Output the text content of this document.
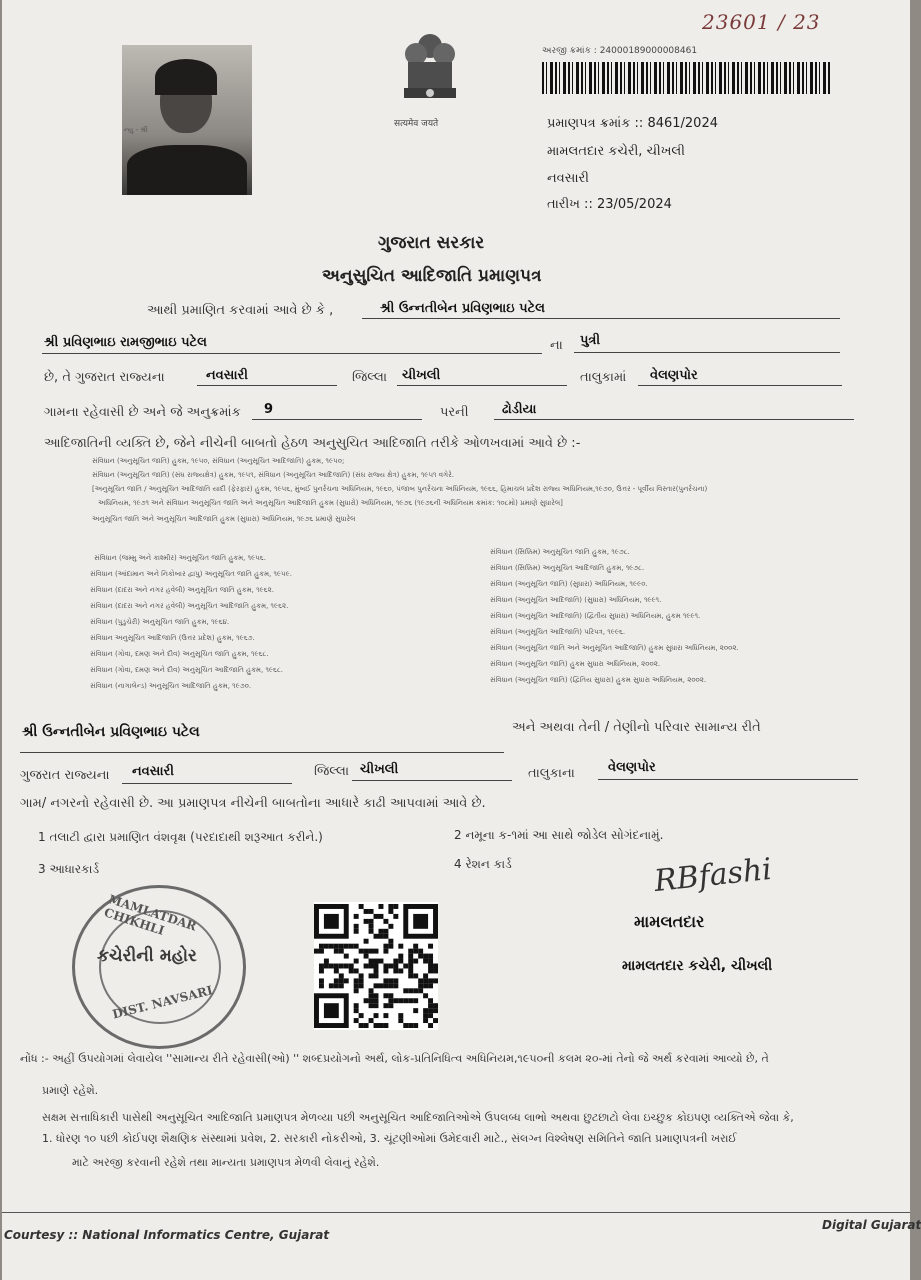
23601 / 23
ન્યુ - શ્રી
सत्यमेव जयते
અરજી ક્રમાંક : 24000189000008461
પ્રમાણપત્ર ક્રમાંક :: 8461/2024
મામલતદાર કચેરી, ચીખલી
નવસારી
તારીખ :: 23/05/2024
ગુજરાત સરકાર
અનુસુચિત આદિજાતિ પ્રમાણપત્ર
આથી પ્રમાણિત કરવામાં આવે છે કે ,	શ્રી ઉન્નતીબેન પ્રવિણભાઇ પટેલ
શ્રી પ્રવિણભાઇ રામજીભાઇ પટેલ	ના પુત્રી
છે, તે ગુજરાત રાજ્યના	નવસારી	જિલ્લા ચીખલી	તાલુકામાં વેલણપોર
ગામના રહેવાસી છે અને જે અનુક્રમાંક 9	પરની	ઢોડીયા
આદિજાતિની વ્યક્તિ છે, જેને નીચેની બાબતો હેઠળ અનુસુચિત આદિજાતિ તરીકે ઓળખવામાં આવે છે :-
સંવિધાન (અનુસૂચિત જાતિ) હુકમ, ૧૯૫૦, સંવિધાન (અનુસૂચિત આદિજાતિ) હુકમ, ૧૯૫૦;
સંવિધાન (અનુસૂચિત જાતિ) (સંઘ રાજ્યક્ષેત્ર) હુકમ, ૧૯૫૧, સંવિધાન (અનુસૂચિત આદિજાતિ) (સંઘ રાજ્ય ક્ષેત્ર) હુકમ, ૧૯૫૧ વગેરે.
[અનુસૂચિત જાતિ / અનુસૂચિત આદિજાતિ યાદી (ફેરફાર) હુકમ, ૧૯૫૬, મુંબઈ પુનર્રચના અધિનિયમ, ૧૯૬૦, પંજાબ પુનર્રચના અધિનિયમ, ૧૯૬૬, હિમાચલ પ્રદેશ રાજ્ય અધિનિયમ,૧૯૭૦, ઉત્તર - પૂર્વીય વિસ્તાર(પુનર્રચના)
અધિનિયમ, ૧૯૭૧ અને સંવિધાન અનુસૂચિત જાતિ અને અનુસૂચિત આદિજાતિ હુકમ (સુધારો) અધિનિયમ, ૧૯૭૬ (૧૯૭૬ની અધિનિયમ ક્રમાંક: ૧૦૮મો) પ્રમાણે સુધારેલ]
અનુસૂચિત જાતિ અને અનુસૂચિત આદિજાતિ હુકમ (સુધારા) અધિનિયમ, ૧૯૭૬ પ્રમાણે સુધારેલ
સંવિધાન (જમ્મુ અને કાશ્મીર) અનુસૂચિત જાતિ હુકમ, ૧૯૫૬.
સંવિધાન (આંદામાન અને નિકોબાર દ્વાપુ) અનુસૂચિત જાતિ હુકમ, ૧૯૫૯.
સંવિધાન (દાદરા અને નગર હવેલી) અનુસૂચિત જાતિ હુકમ, ૧૯૬૨.
સંવિધાન (દાદરા અને નગર હવેલી) અનુસૂચિત આદિજાતિ હુકમ, ૧૯૬૨.
સંવિધાન (પુડુચેરી) અનુસૂચિત જાતિ હુકમ, ૧૯૬૪.
સંવિધાન અનુસૂચિત આદિજાતિ (ઉત્તર પ્રદેશ) હુકમ, ૧૯૬૭.
સંવિધાન (ગોવા, દમણ અને દીવ) અનુસૂચિત જાતિ હુકમ, ૧૯૬૮.
સંવિધાન (ગોવા, દમણ અને દીવ) અનુસૂચિત આદિજાતિ હુકમ, ૧૯૬૮.
સંવિધાન (નાગાલેન્ડ) અનુસૂચિત આદિજાતિ હુકમ, ૧૯૭૦.
સંવિધાન (સિક્કિમ) અનુસૂચિત જાતિ હુકમ, ૧૯૭૮.
સંવિધાન (સિક્કિમ) અનુસૂચિત આદિજાતિ હુકમ, ૧૯૭૮.
સંવિધાન (અનુસૂચિત જાતિ) (સુધારા) અધિનિયમ, ૧૯૯૦.
સંવિધાન (અનુસૂચિત આદિજાતિ) (સુધારા) અધિનિયમ, ૧૯૯૧.
સંવિધાન (અનુસૂચિત આદિજાતિ) (દ્વિતીય સુધારા) અધિનિયમ, હુકમ ૧૯૯૧.
સંવિધાન (અનુસૂચિત આદિજાતિ) પરિપત્ર, ૧૯૯૬.
સંવિધાન (અનુસૂચિત જાતિ અને અનુસૂચિત આદિજાતિ) હુકમ સુધારા અધિનિયમ, ૨૦૦૨.
સંવિધાન (અનુસૂચિત જાતિ) હુકમ સુધારા અધિનિયમ, ૨૦૦૨.
સંવિધાન (અનુસૂચિત જાતિ) (દ્વિતિય સુધારા) હુકમ સુધારા અધિનિયમ, ૨૦૦૨.
શ્રી ઉન્નતીબેન પ્રવિણભાઇ પટેલ	અને અથવા તેની / તેણીનો પરિવાર સામાન્ય રીતે
ગુજરાત રાજ્યના નવસારી	જિલ્લા ચીખલી	તાલુકાના	વેલણપોર
ગામ/ નગરનો રહેવાસી છે. આ પ્રમાણપત્ર નીચેની બાબતોના આધારે કાઢી આપવામાં આવે છે.
1 તલાટી દ્વારા પ્રમાણિત વંશવૃક્ષ (પરદાદાથી શરૂઆત કરીને.)	2 નમૂના ક-૧માં આ સાથે જોડેલ સોગંદનામું.
3 આધારકાર્ડ	4 રેશન કાર્ડ
MAMLATDAR CHIKHLI
કચેરીની મહોર
DIST. NAVSARI
RBfashi
મામલતદાર
મામલતદાર કચેરી, ચીખલી
નોંધ :- અહીં ઉપયોગમાં લેવાયેલ ''સામાન્ય રીતે રહેવાસી(ઓ) '' શબ્દપ્રયોગનો અર્થ, લોક-પ્રતિનિધિત્વ અધિનિયમ,૧૯૫૦ની કલમ ૨૦-માં તેનો જે અર્થ કરવામાં આવ્યો છે, તે
પ્રમાણે રહેશે.
સક્ષમ સત્તાધિકારી પાસેથી અનુસૂચિત આદિજાતિ પ્રમાણપત્ર મેળવ્યા પછી અનુસૂચિત આદિજાતિઓએ ઉપલબ્ધ લાભો અથવા છુટછાટો લેવા ઇચ્છુક કોઇપણ વ્યક્તિએ જેવા કે,
1. ધોરણ ૧૦ પછી કોઈપણ શૈક્ષણિક સંસ્થામાં પ્રવેશ, 2. સરકારી નોકરીઓ, 3. ચૂંટણીઓમાં ઉમેદવારી માટે., સંલગ્ન વિશ્લેષણ સમિતિને જાતિ પ્રમાણપત્રની ખરાઈ
માટે અરજી કરવાની રહેશે તથા માન્યતા પ્રમાણપત્ર મેળવી લેવાનું રહેશે.
Courtesy :: National Informatics Centre, Gujarat
Digital Gujarat
